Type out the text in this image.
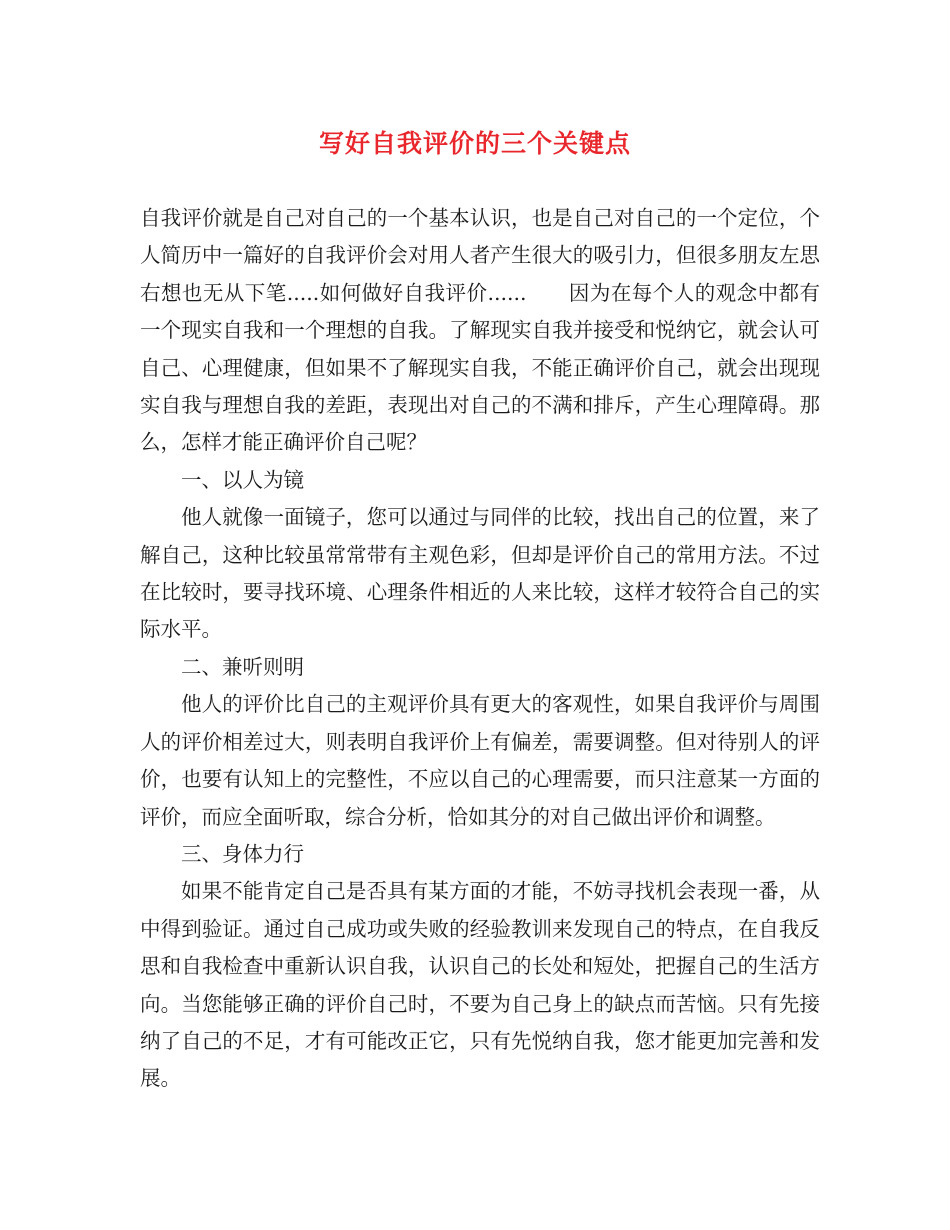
写好自我评价的三个关键点

自我评价就是自己对自己的一个基本认识，也是自己对自己的一个定位，个人简历中一篇好的自我评价会对用人者产生很大的吸引力，但很多朋友左思右想也无从下笔.....如何做好自我评价......　　因为在每个人的观念中都有一个现实自我和一个理想的自我。了解现实自我并接受和悦纳它，就会认可自己、心理健康，但如果不了解现实自我，不能正确评价自己，就会出现现实自我与理想自我的差距，表现出对自己的不满和排斥，产生心理障碍。那么，怎样才能正确评价自己呢？

一、以人为镜

他人就像一面镜子，您可以通过与同伴的比较，找出自己的位置，来了解自己，这种比较虽常常带有主观色彩，但却是评价自己的常用方法。不过在比较时，要寻找环境、心理条件相近的人来比较，这样才较符合自己的实际水平。

二、兼听则明

他人的评价比自己的主观评价具有更大的客观性，如果自我评价与周围人的评价相差过大，则表明自我评价上有偏差，需要调整。但对待别人的评价，也要有认知上的完整性，不应以自己的心理需要，而只注意某一方面的评价，而应全面听取，综合分析，恰如其分的对自己做出评价和调整。

三、身体力行

如果不能肯定自己是否具有某方面的才能，不妨寻找机会表现一番，从中得到验证。通过自己成功或失败的经验教训来发现自己的特点，在自我反思和自我检查中重新认识自我，认识自己的长处和短处，把握自己的生活方向。当您能够正确的评价自己时，不要为自己身上的缺点而苦恼。只有先接纳了自己的不足，才有可能改正它，只有先悦纳自我，您才能更加完善和发展。
